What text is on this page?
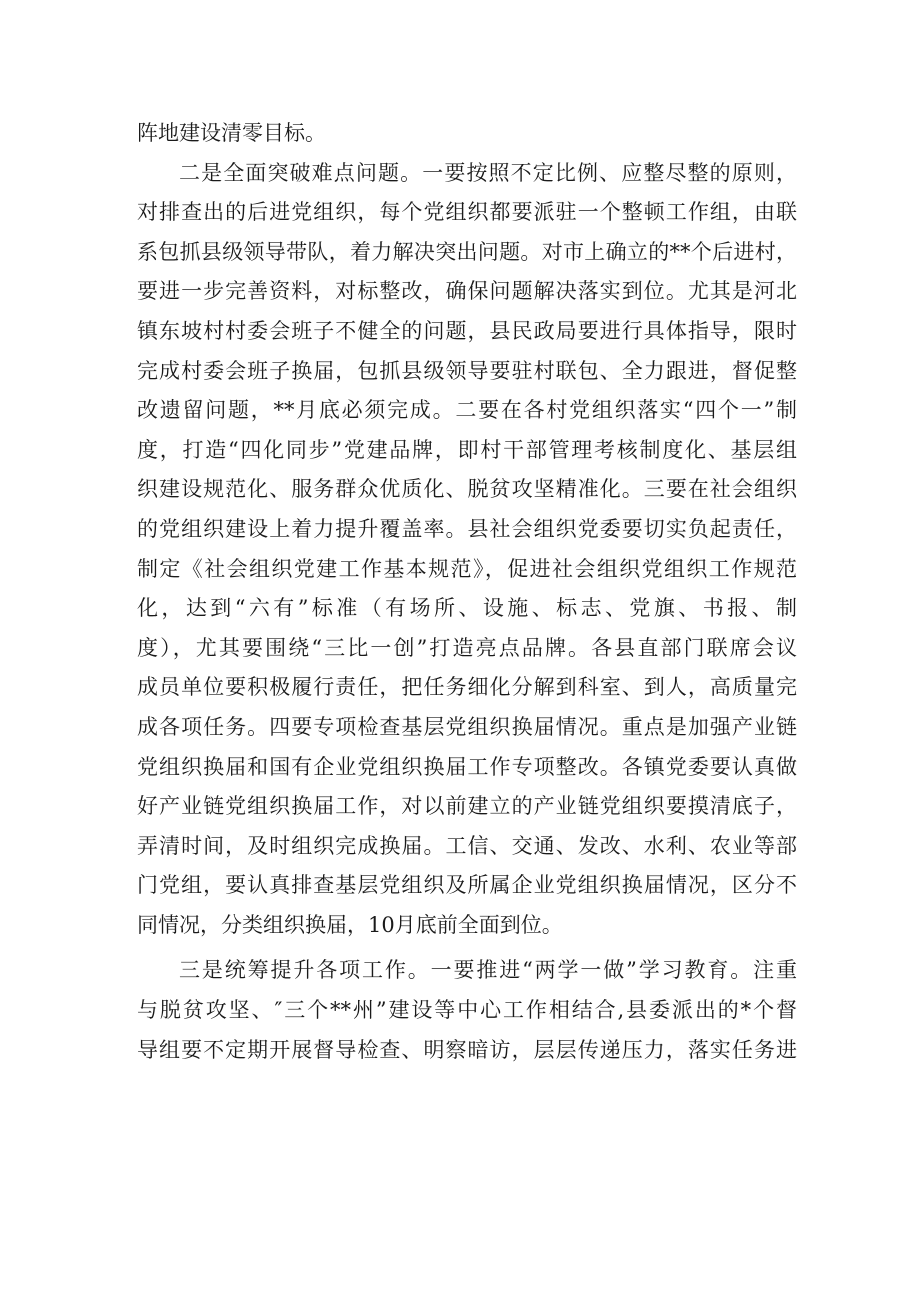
阵地建设清零目标。
二是全面突破难点问题。一要按照不定比例、应整尽整的原则，
对排查出的后进党组织，每个党组织都要派驻一个整顿工作组，由联
系包抓县级领导带队，着力解决突出问题。对市上确立的**个后进村，
要进一步完善资料，对标整改，确保问题解决落实到位。尤其是河北
镇东坡村村委会班子不健全的问题，县民政局要进行具体指导，限时
完成村委会班子换届，包抓县级领导要驻村联包、全力跟进，督促整
改遗留问题，**月底必须完成。二要在各村党组织落实“四个一”制
度，打造“四化同步”党建品牌，即村干部管理考核制度化、基层组
织建设规范化、服务群众优质化、脱贫攻坚精准化。三要在社会组织
的党组织建设上着力提升覆盖率。县社会组织党委要切实负起责任，
制定《社会组织党建工作基本规范》，促进社会组织党组织工作规范
化，达到“六有”标准（有场所、设施、标志、党旗、书报、制
度），尤其要围绕“三比一创”打造亮点品牌。各县直部门联席会议
成员单位要积极履行责任，把任务细化分解到科室、到人，高质量完
成各项任务。四要专项检查基层党组织换届情况。重点是加强产业链
党组织换届和国有企业党组织换届工作专项整改。各镇党委要认真做
好产业链党组织换届工作，对以前建立的产业链党组织要摸清底子，
弄清时间，及时组织完成换届。工信、交通、发改、水利、农业等部
门党组，要认真排查基层党组织及所属企业党组织换届情况，区分不
同情况，分类组织换届，10月底前全面到位。
三是统筹提升各项工作。一要推进“两学一做”学习教育。注重
与脱贫攻坚、″三个**州”建设等中心工作相结合,县委派出的*个督
导组要不定期开展督导检查、明察暗访，层层传递压力，落实任务进
